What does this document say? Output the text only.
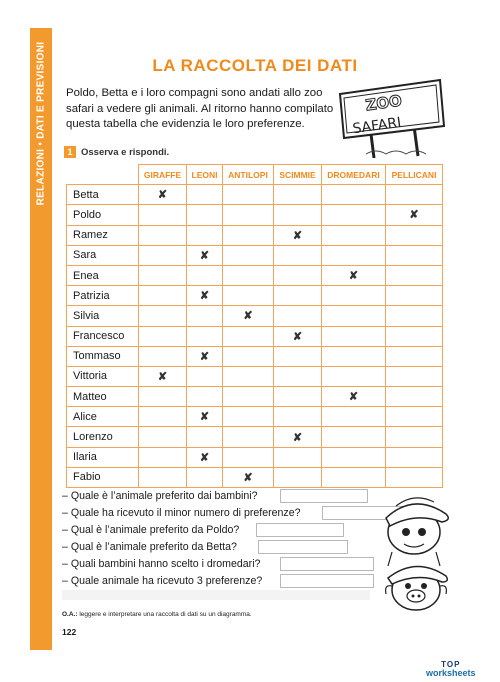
RELAZIONI • DATI E PREVISIONI	LA RACCOLTA DEI DATI
Poldo, Betta e i loro compagni sono andati allo zoo safari a vedere gli animali. Al ritorno hanno compilato questa tabella che evidenzia le loro preferenze.
ZOO
SAFARI
1 Osserva e rispondi.
	GIRAFFE	LEONI	ANTILOPI	SCIMMIE	DROMEDARI	PELLICANI
Betta	✘					
Poldo						✘
Ramez				✘		
Sara		✘				
Enea					✘	
Patrizia		✘				
Silvia			✘			
Francesco				✘		
Tommaso		✘				
Vittoria	✘					
Matteo					✘	
Alice		✘				
Lorenzo				✘		
Ilaria		✘				
Fabio			✘			
– Quale è l’animale preferito dai bambini?
– Quale ha ricevuto il minor numero di preferenze?
– Qual è l’animale preferito da Poldo?
– Qual è l’animale preferito da Betta?
– Quali bambini hanno scelto i dromedari?
– Quale animale ha ricevuto 3 preferenze?
O.A.: leggere e interpretare una raccolta di dati su un diagramma.
122
TOP
worksheets
